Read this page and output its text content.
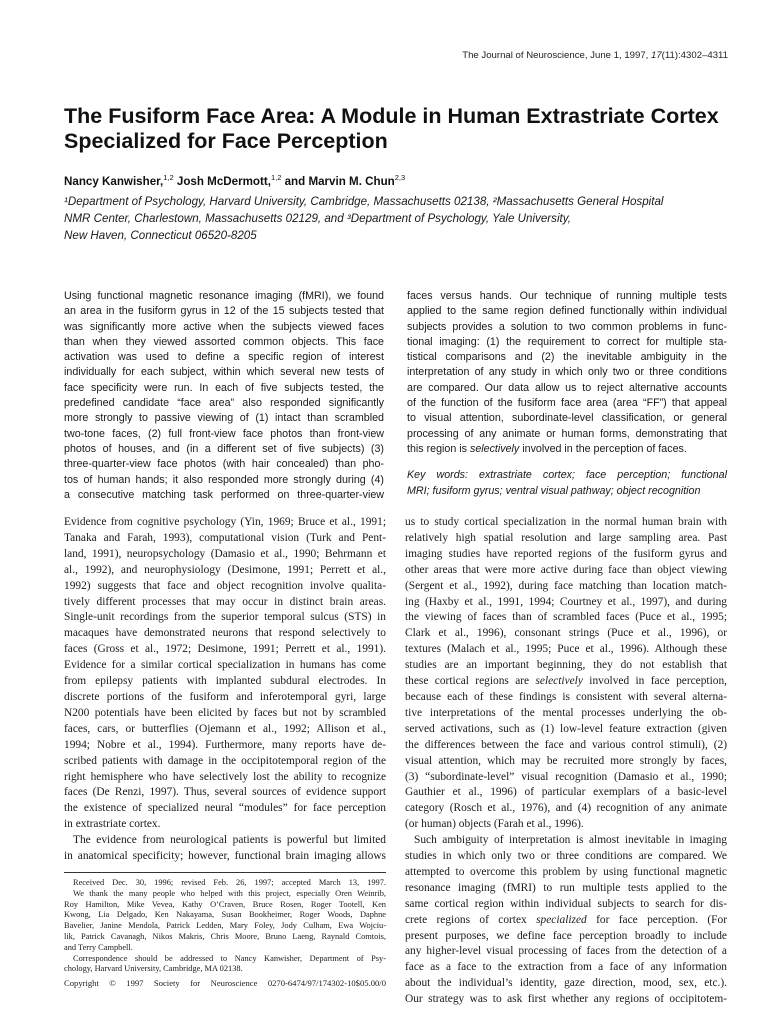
The Journal of Neuroscience, June 1, 1997, 17(11):4302–4311
The Fusiform Face Area: A Module in Human Extrastriate Cortex Specialized for Face Perception
Nancy Kanwisher,$^{1,2}$ Josh McDermott,$^{1,2}$ and Marvin M. Chun$^{2,3}$
¹Department of Psychology, Harvard University, Cambridge, Massachusetts 02138, ²Massachusetts General Hospital
NMR Center, Charlestown, Massachusetts 02129, and ³Department of Psychology, Yale University,
New Haven, Connecticut 06520-8205
Using functional magnetic resonance imaging (fMRI), we found
an area in the fusiform gyrus in 12 of the 15 subjects tested that
was significantly more active when the subjects viewed faces
than when they viewed assorted common objects. This face
activation was used to define a specific region of interest
individually for each subject, within which several new tests of
face specificity were run. In each of five subjects tested, the
predefined candidate “face area” also responded significantly
more strongly to passive viewing of (1) intact than scrambled
two-tone faces, (2) full front-view face photos than front-view
photos of houses, and (in a different set of five subjects) (3)
three-quarter-view face photos (with hair concealed) than pho-
tos of human hands; it also responded more strongly during (4)
a consecutive matching task performed on three-quarter-view
faces versus hands. Our technique of running multiple tests
applied to the same region defined functionally within individual
subjects provides a solution to two common problems in func-
tional imaging: (1) the requirement to correct for multiple sta-
tistical comparisons and (2) the inevitable ambiguity in the
interpretation of any study in which only two or three conditions
are compared. Our data allow us to reject alternative accounts
of the function of the fusiform face area (area “FF”) that appeal
to visual attention, subordinate-level classification, or general
processing of any animate or human forms, demonstrating that
this region is selectively involved in the perception of faces.
Key words: extrastriate cortex; face perception; functional
MRI; fusiform gyrus; ventral visual pathway; object recognition
Evidence from cognitive psychology (Yin, 1969; Bruce et al., 1991;
Tanaka and Farah, 1993), computational vision (Turk and Pent-
land, 1991), neuropsychology (Damasio et al., 1990; Behrmann et
al., 1992), and neurophysiology (Desimone, 1991; Perrett et al.,
1992) suggests that face and object recognition involve qualita-
tively different processes that may occur in distinct brain areas.
Single-unit recordings from the superior temporal sulcus (STS) in
macaques have demonstrated neurons that respond selectively to
faces (Gross et al., 1972; Desimone, 1991; Perrett et al., 1991).
Evidence for a similar cortical specialization in humans has come
from epilepsy patients with implanted subdural electrodes. In
discrete portions of the fusiform and inferotemporal gyri, large
N200 potentials have been elicited by faces but not by scrambled
faces, cars, or butterflies (Ojemann et al., 1992; Allison et al.,
1994; Nobre et al., 1994). Furthermore, many reports have de-
scribed patients with damage in the occipitotemporal region of the
right hemisphere who have selectively lost the ability to recognize
faces (De Renzi, 1997). Thus, several sources of evidence support
the existence of specialized neural “modules” for face perception
in extrastriate cortex.
The evidence from neurological patients is powerful but limited
in anatomical specificity; however, functional brain imaging allows
Received Dec. 30, 1996; revised Feb. 26, 1997; accepted March 13, 1997.
We thank the many people who helped with this project, especially Oren Weinrib,
Roy Hamilton, Mike Vevea, Kathy O’Craven, Bruce Rosen, Roger Tootell, Ken
Kwong, Lia Delgado, Ken Nakayama, Susan Bookheimer, Roger Woods, Daphne
Bavelier, Janine Mendola, Patrick Ledden, Mary Foley, Jody Culham, Ewa Wojciu-
lik, Patrick Cavanagh, Nikos Makris, Chris Moore, Bruno Laeng, Raynald Comtois,
and Terry Campbell.
Correspondence should be addressed to Nancy Kanwisher, Department of Psy-
chology, Harvard University, Cambridge, MA 02138.
Copyright © 1997 Society for Neuroscience 0270-6474/97/174302-10$05.00/0
us to study cortical specialization in the normal human brain with
relatively high spatial resolution and large sampling area. Past
imaging studies have reported regions of the fusiform gyrus and
other areas that were more active during face than object viewing
(Sergent et al., 1992), during face matching than location match-
ing (Haxby et al., 1991, 1994; Courtney et al., 1997), and during
the viewing of faces than of scrambled faces (Puce et al., 1995;
Clark et al., 1996), consonant strings (Puce et al., 1996), or
textures (Malach et al., 1995; Puce et al., 1996). Although these
studies are an important beginning, they do not establish that
these cortical regions are selectively involved in face perception,
because each of these findings is consistent with several alterna-
tive interpretations of the mental processes underlying the ob-
served activations, such as (1) low-level feature extraction (given
the differences between the face and various control stimuli), (2)
visual attention, which may be recruited more strongly by faces,
(3) “subordinate-level” visual recognition (Damasio et al., 1990;
Gauthier et al., 1996) of particular exemplars of a basic-level
category (Rosch et al., 1976), and (4) recognition of any animate
(or human) objects (Farah et al., 1996).
Such ambiguity of interpretation is almost inevitable in imaging
studies in which only two or three conditions are compared. We
attempted to overcome this problem by using functional magnetic
resonance imaging (fMRI) to run multiple tests applied to the
same cortical region within individual subjects to search for dis-
crete regions of cortex specialized for face perception. (For
present purposes, we define face perception broadly to include
any higher-level visual processing of faces from the detection of a
face as a face to the extraction from a face of any information
about the individual’s identity, gaze direction, mood, sex, etc.).
Our strategy was to ask first whether any regions of occipitotem-
